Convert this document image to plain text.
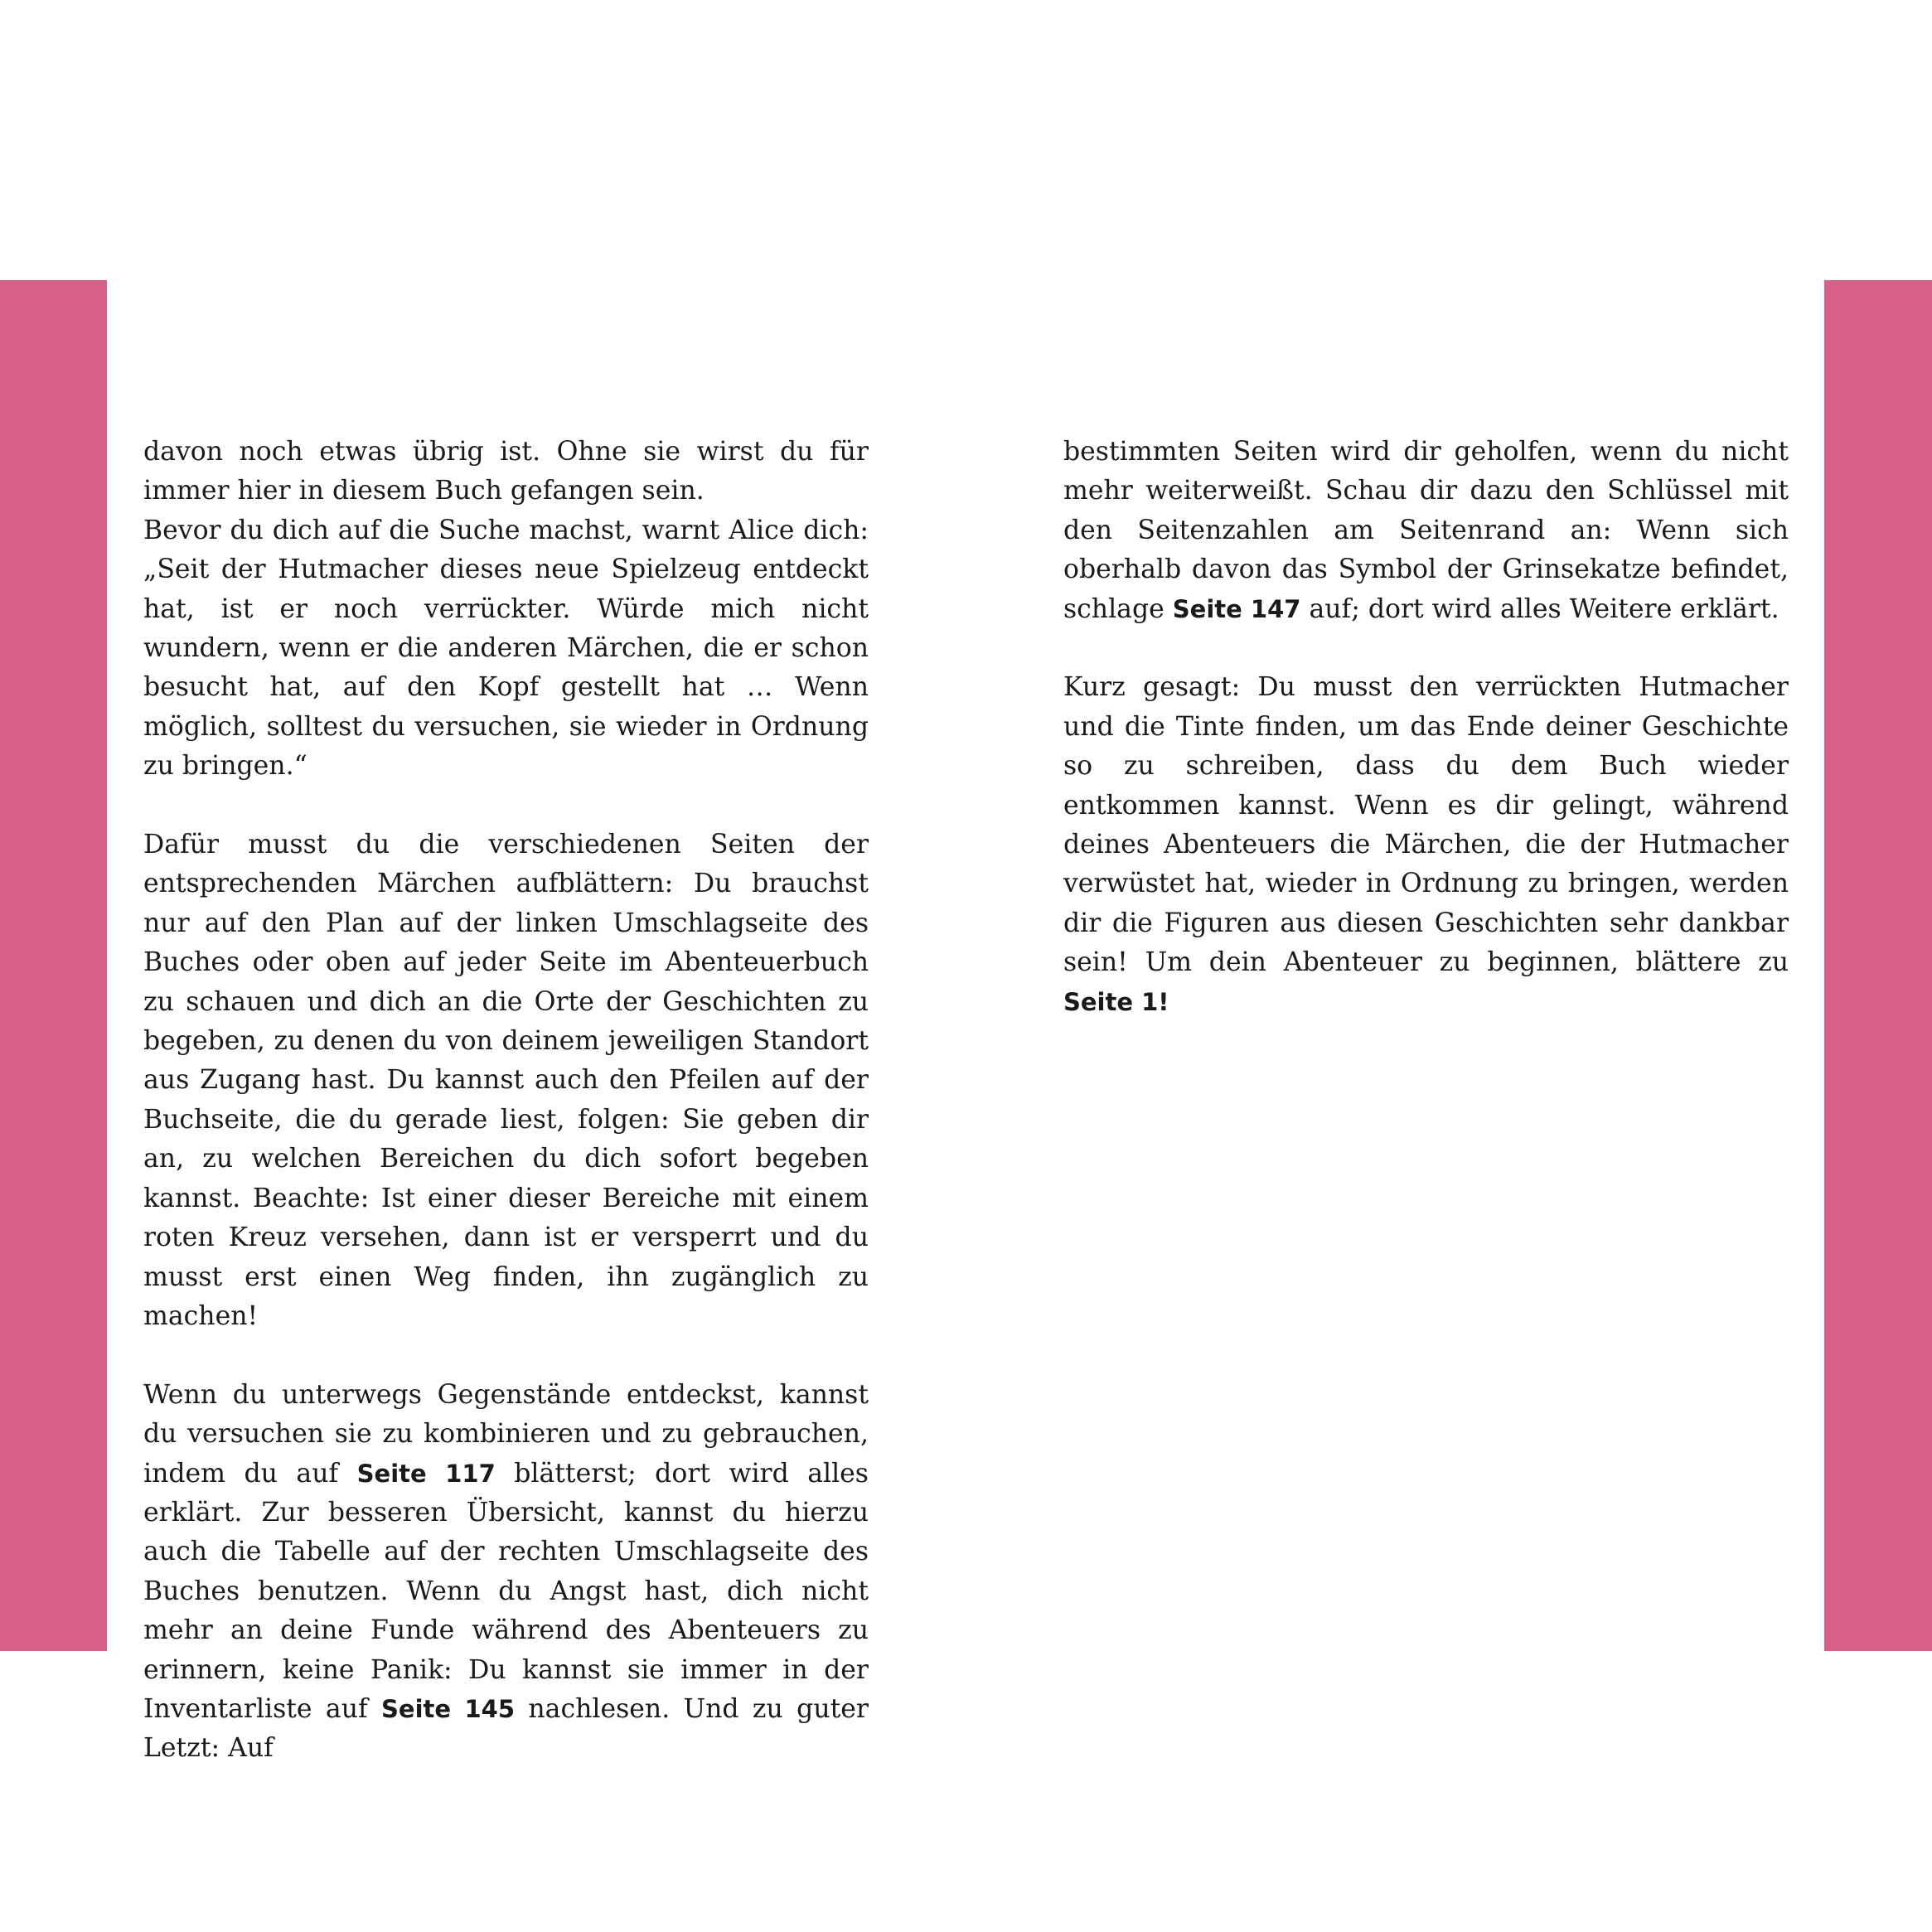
davon noch etwas übrig ist. Ohne sie wirst du für immer hier in diesem Buch gefangen sein.

Bevor du dich auf die Suche machst, warnt Alice dich: „Seit der Hutmacher dieses neue Spielzeug entdeckt hat, ist er noch verrückter. Würde mich nicht wundern, wenn er die anderen Märchen, die er schon besucht hat, auf den Kopf gestellt hat … Wenn möglich, solltest du versuchen, sie wieder in Ordnung zu bringen.“

Dafür musst du die verschiedenen Seiten der entsprechenden Märchen aufblättern: Du brauchst nur auf den Plan auf der linken Umschlagseite des Buches oder oben auf jeder Seite im Abenteuerbuch zu schauen und dich an die Orte der Geschichten zu begeben, zu denen du von deinem jeweiligen Standort aus Zugang hast. Du kannst auch den Pfeilen auf der Buchseite, die du gerade liest, folgen: Sie geben dir an, zu welchen Bereichen du dich sofort begeben kannst. Beachte: Ist einer dieser Bereiche mit einem roten Kreuz versehen, dann ist er versperrt und du musst erst einen Weg finden, ihn zugänglich zu machen!

Wenn du unterwegs Gegenstände entdeckst, kannst du versuchen sie zu kombinieren und zu gebrauchen, indem du auf Seite 117 blätterst; dort wird alles erklärt. Zur besseren Übersicht, kannst du hierzu auch die Tabelle auf der rechten Umschlagseite des Buches benutzen. Wenn du Angst hast, dich nicht mehr an deine Funde während des Abenteuers zu erinnern, keine Panik: Du kannst sie immer in der Inventarliste auf Seite 145 nachlesen. Und zu guter Letzt: Auf

bestimmten Seiten wird dir geholfen, wenn du nicht mehr weiterweißt. Schau dir dazu den Schlüssel mit den Seitenzahlen am Seitenrand an: Wenn sich oberhalb davon das Symbol der Grinsekatze befindet, schlage Seite 147 auf; dort wird alles Weitere erklärt.

Kurz gesagt: Du musst den verrückten Hutmacher und die Tinte finden, um das Ende deiner Geschichte so zu schreiben, dass du dem Buch wieder entkommen kannst. Wenn es dir gelingt, während deines Abenteuers die Märchen, die der Hutmacher verwüstet hat, wieder in Ordnung zu bringen, werden dir die Figuren aus diesen Geschichten sehr dankbar sein! Um dein Abenteuer zu beginnen, blättere zu Seite 1!
